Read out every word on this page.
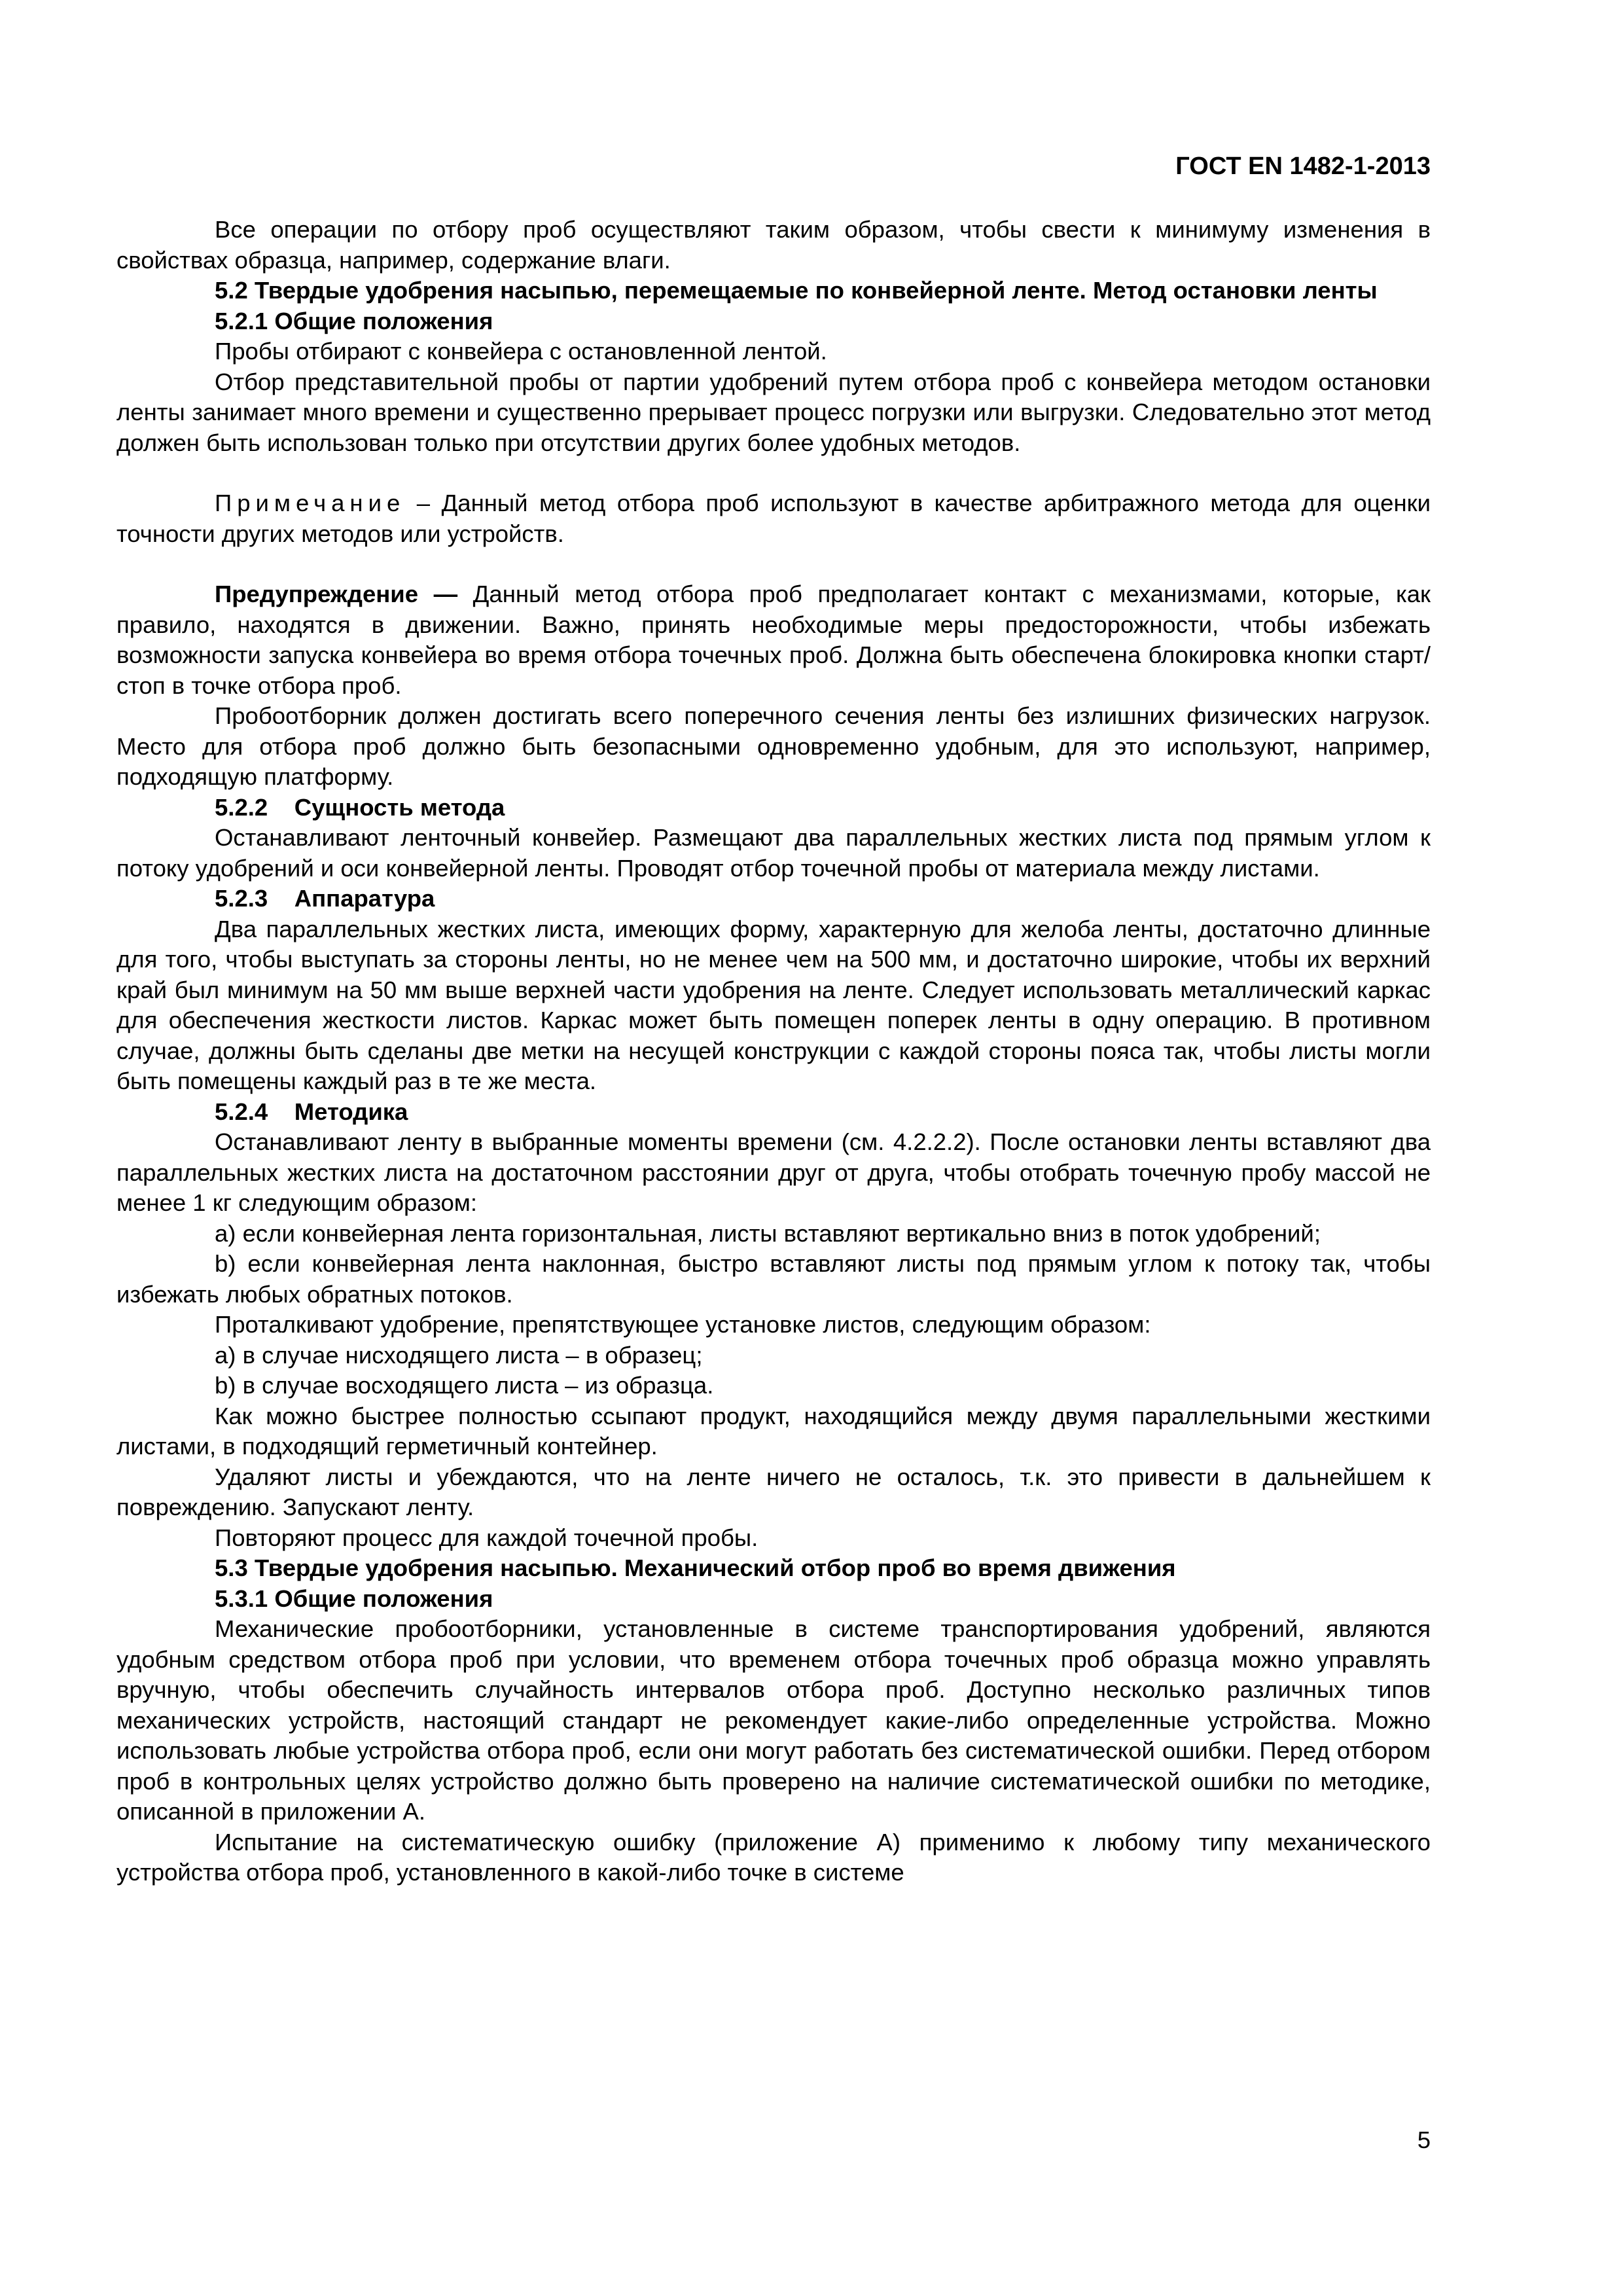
ГОСТ EN 1482-1-2013

Все операции по отбору проб осуществляют таким образом, чтобы свести к минимуму изменения в свойствах образца, например, содержание влаги.

5.2 Твердые удобрения насыпью, перемещаемые по конвейерной ленте. Метод остановки ленты

5.2.1 Общие положения

Пробы отбирают с конвейера с остановленной лентой.

Отбор представительной пробы от партии удобрений путем отбора проб с конвейера методом остановки ленты занимает много времени и существенно прерывает процесс погрузки или выгрузки. Следовательно этот метод должен быть использован только при отсутствии других более удобных методов.

Примечание – Данный метод отбора проб используют в качестве арбитражного метода для оценки точности других методов или устройств.

Предупреждение — Данный метод отбора проб предполагает контакт с механизмами, которые, как правило, находятся в движении. Важно, принять необходимые меры предосторожности, чтобы избежать возможности запуска конвейера во время отбора точечных проб. Должна быть обеспечена блокировка кнопки старт/стоп в точке отбора проб.

Пробоотборник должен достигать всего поперечного сечения ленты без излишних физических нагрузок. Место для отбора проб должно быть безопасными одновременно удобным, для это используют, например, подходящую платформу.

5.2.2    Сущность метода

Останавливают ленточный конвейер. Размещают два параллельных жестких листа под прямым углом к потоку удобрений и оси конвейерной ленты. Проводят отбор точечной пробы от материала между листами.

5.2.3    Аппаратура

Два параллельных жестких листа, имеющих форму, характерную для желоба ленты, достаточно длинные для того, чтобы выступать за стороны ленты, но не менее чем на 500 мм, и достаточно широкие, чтобы их верхний край был минимум на 50 мм выше верхней части удобрения на ленте. Следует использовать металлический каркас для обеспечения жесткости листов. Каркас может быть помещен поперек ленты в одну операцию. В противном случае, должны быть сделаны две метки на несущей конструкции с каждой стороны пояса так, чтобы листы могли быть помещены каждый раз в те же места.

5.2.4    Методика

Останавливают ленту в выбранные моменты времени (см. 4.2.2.2). После остановки ленты вставляют два параллельных жестких листа на достаточном расстоянии друг от друга, чтобы отобрать точечную пробу массой не менее 1 кг следующим образом:

a) если конвейерная лента горизонтальная, листы вставляют вертикально вниз в поток удобрений;

b) если конвейерная лента наклонная, быстро вставляют листы под прямым углом к потоку так, чтобы избежать любых обратных потоков.

Проталкивают удобрение, препятствующее установке листов, следующим образом:

a) в случае нисходящего листа – в образец;

b) в случае восходящего листа – из образца.

Как можно быстрее полностью ссыпают продукт, находящийся между двумя параллельными жесткими листами, в подходящий герметичный контейнер.

Удаляют листы и убеждаются, что на ленте ничего не осталось, т.к. это привести в дальнейшем к повреждению. Запускают ленту.

Повторяют процесс для каждой точечной пробы.

5.3 Твердые удобрения насыпью. Механический отбор проб во время движения

5.3.1 Общие положения

Механические пробоотборники, установленные в системе транспортирования удобрений, являются удобным средством отбора проб при условии, что временем отбора точечных проб образца можно управлять вручную, чтобы обеспечить случайность интервалов отбора проб. Доступно несколько различных типов механических устройств, настоящий стандарт не рекомендует какие-либо определенные устройства. Можно использовать любые устройства отбора проб, если они могут работать без систематической ошибки. Перед отбором проб в контрольных целях устройство должно быть проверено на наличие систематической ошибки по методике, описанной в приложении А.

Испытание на систематическую ошибку (приложение А) применимо к любому типу механического устройства отбора проб, установленного в какой-либо точке в системе

5
